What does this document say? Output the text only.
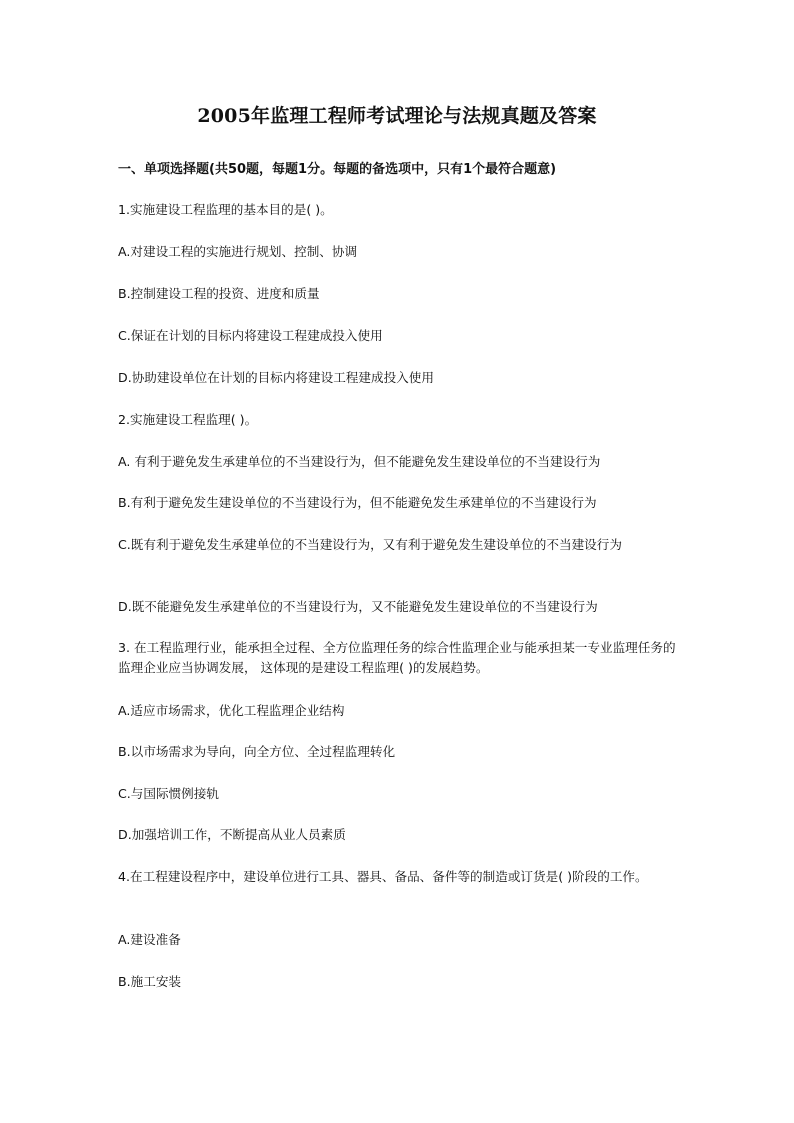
2005年监理工程师考试理论与法规真题及答案
一、单项选择题(共50题，每题1分。每题的备选项中，只有1个最符合题意)
1.实施建设工程监理的基本目的是( )。
A.对建设工程的实施进行规划、控制、协调
B.控制建设工程的投资、进度和质量
C.保证在计划的目标内将建设工程建成投入使用
D.协助建设单位在计划的目标内将建设工程建成投入使用
2.实施建设工程监理( )。
A. 有利于避免发生承建单位的不当建设行为，但不能避免发生建设单位的不当建设行为
B.有利于避免发生建设单位的不当建设行为，但不能避免发生承建单位的不当建设行为
C.既有利于避免发生承建单位的不当建设行为，又有利于避免发生建设单位的不当建设行为
D.既不能避免发生承建单位的不当建设行为，又不能避免发生建设单位的不当建设行为
3. 在工程监理行业，能承担全过程、全方位监理任务的综合性监理企业与能承担某一专业监理任务的监理企业应当协调发展， 这体现的是建设工程监理( )的发展趋势。
A.适应市场需求，优化工程监理企业结构
B.以市场需求为导向，向全方位、全过程监理转化
C.与国际惯例接轨
D.加强培训工作，不断提高从业人员素质
4.在工程建设程序中，建设单位进行工具、器具、备品、备件等的制造或订货是( )阶段的工作。
A.建设准备
B.施工安装
